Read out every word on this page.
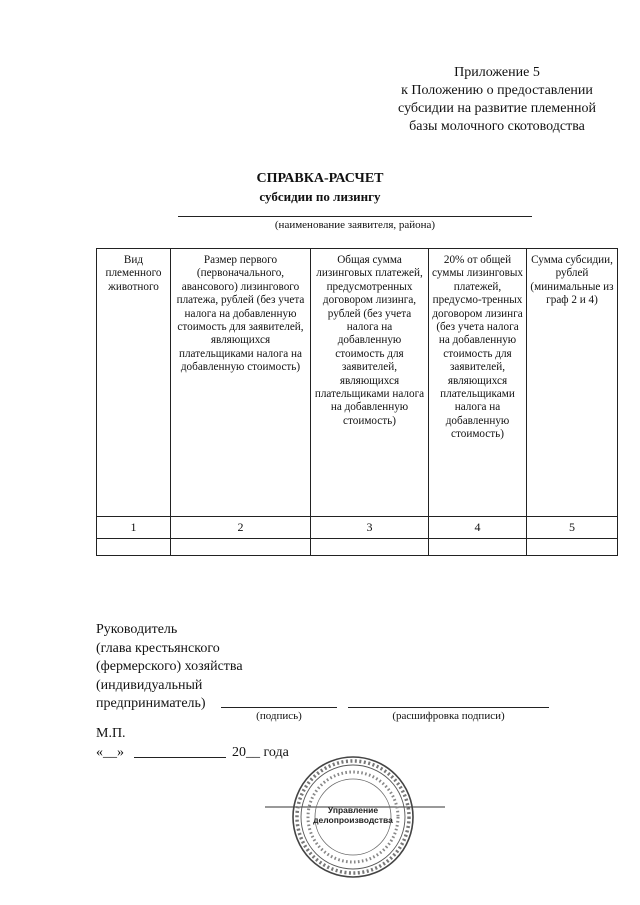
Приложение 5
к Положению о предоставлении
субсидии на развитие племенной
базы молочного скотоводства
СПРАВКА-РАСЧЕТ
субсидии по лизингу
(наименование заявителя, района)
Вид племенного животного	Размер первого (первоначального, авансового) лизингового платежа, рублей (без учета налога на добавленную стоимость для заявителей, являющихся плательщиками налога на добавленную стоимость)	Общая сумма лизинговых платежей, предусмотренных договором лизинга, рублей (без учета налога на добавленную стоимость для заявителей, являющихся плательщиками налога на добавленную стоимость)	20% от общей суммы лизинговых платежей, предусмо-тренных договором лизинга (без учета налога на добавленную стоимость для заявителей, являющихся плательщиками налога на добавленную стоимость)	Сумма субсидии, рублей (минимальные из граф 2 и 4)
1	2	3	4	5

Руководитель
(глава крестьянского
(фермерского) хозяйства
(индивидуальный
предприниматель)
(подпись)	(расшифровка подписи)
М.П.
«__»	20__ года
Управление
делопроизводства
